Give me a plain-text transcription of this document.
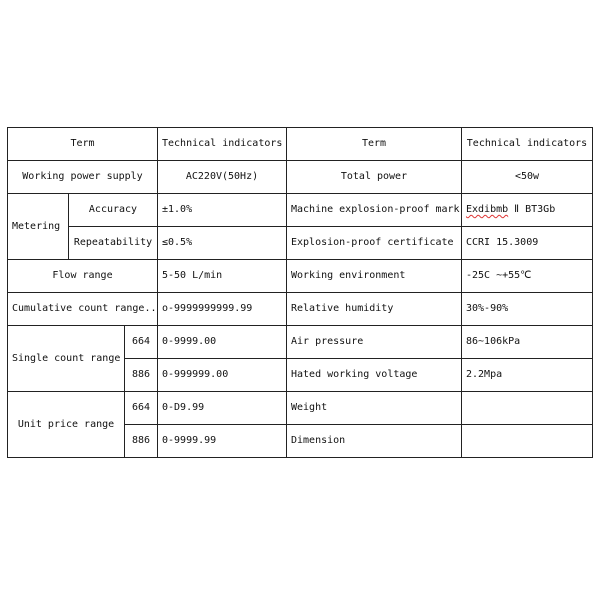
Term			Technical indicators	Term	Technical indicators
Working power supply			AC220V(50Hz)	Total power	<50w
Metering	Accuracy		±1.0%	Machine explosion-proof mark	Exdibmb Ⅱ BT3Gb
	Repeatability		≤0.5%	Explosion-proof certificate	CCRI 15.3009
Flow range			5-50 L/min	Working environment	-25C ~+55℃
Cumulative count range..			o-9999999999.99	Relative humidity	30%-90%
Single count range		664	0-9999.00	Air pressure	86~106kPa
		886	0-999999.00	Hated working voltage	2.2Mpa
Unit price range		664	0-D9.99	Weight	
		886	0-9999.99	Dimension	
